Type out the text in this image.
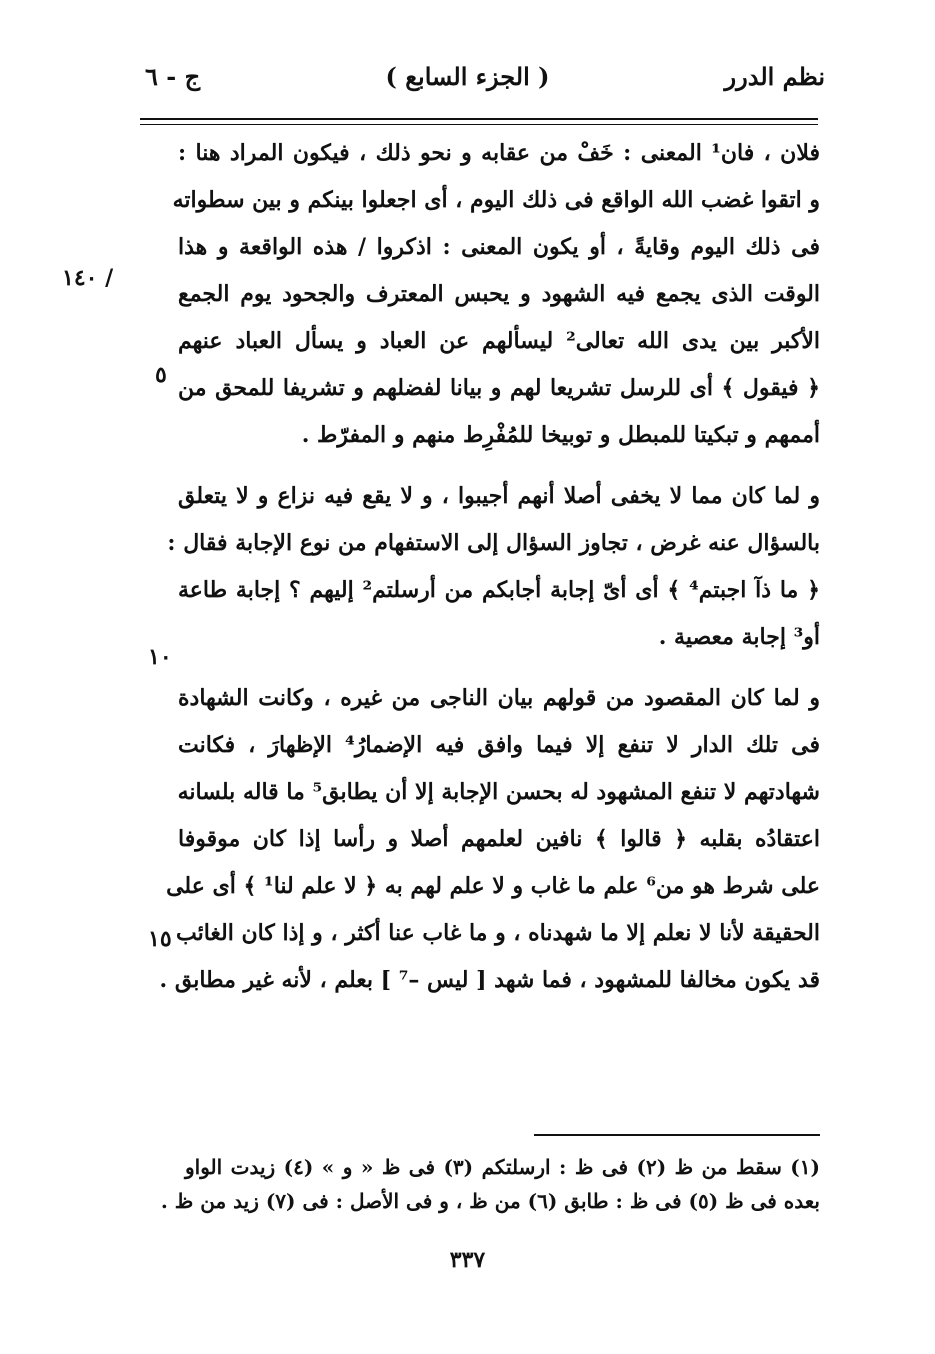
ج - ٦	( الجزء السابع )	نظم الدرر
/ ١٤٠
٥
١٠
١٥
فلان ، فان¹ المعنى : خَفْ من عقابه و نحو ذلك ، فيكون المراد هنا :
و اتقوا غضب الله الواقع فى ذلك اليوم ، أى اجعلوا بينكم و بين سطواته
فى ذلك اليوم وقايةً ، أو يكون المعنى : اذكروا / هذه الواقعة و هذا
الوقت الذى يجمع فيه الشهود و يحبس المعترف والجحود يوم الجمع
الأكبر بين يدى الله تعالى² ليسألهم عن العباد و يسأل العباد عنهم
﴿ فيقول ﴾ أى للرسل تشريعا لهم و بيانا لفضلهم و تشريفا للمحق من
أممهم و تبكيتا للمبطل و توبيخا للمُفْرِط منهم و المفرّط .
و لما كان مما لا يخفى أصلا أنهم أجيبوا ، و لا يقع فيه نزاع و لا يتعلق
بالسؤال عنه غرض ، تجاوز السؤال إلى الاستفهام من نوع الإجابة فقال :
﴿ ما ذآ اجبتم⁴ ﴾ أى أىّ إجابة أجابكم من أرسلتم² إليهم ؟ إجابة طاعة
أو³ إجابة معصية .
و لما كان المقصود من قولهم بيان الناجى من غيره ، وكانت الشهادة
فى تلك الدار لا تنفع إلا فيما وافق فيه الإضمارُ⁴ الإظهارَ ، فكانت
شهادتهم لا تنفع المشهود له بحسن الإجابة إلا أن يطابق⁵ ما قاله بلسانه
اعتقادُه بقلبه ﴿ قالوا ﴾ نافين لعلمهم أصلا و رأسا إذا كان موقوفا
على شرط هو من⁶ علم ما غاب و لا علم لهم به ﴿ لا علم لنا¹ ﴾ أى على
الحقيقة لأنا لا نعلم إلا ما شهدناه ، و ما غاب عنا أكثر ، و إذا كان الغائب
قد يكون مخالفا للمشهود ، فما شهد [ ليس –⁷ ] بعلم ، لأنه غير مطابق .
(١) سقط من ظ (٢) فى ظ : ارسلتكم (٣) فى ظ « و » (٤) زيدت الواو
بعده فى ظ (٥) فى ظ : طابق (٦) من ظ ، و فى الأصل : فى (٧) زيد من ظ .
٣٣٧
